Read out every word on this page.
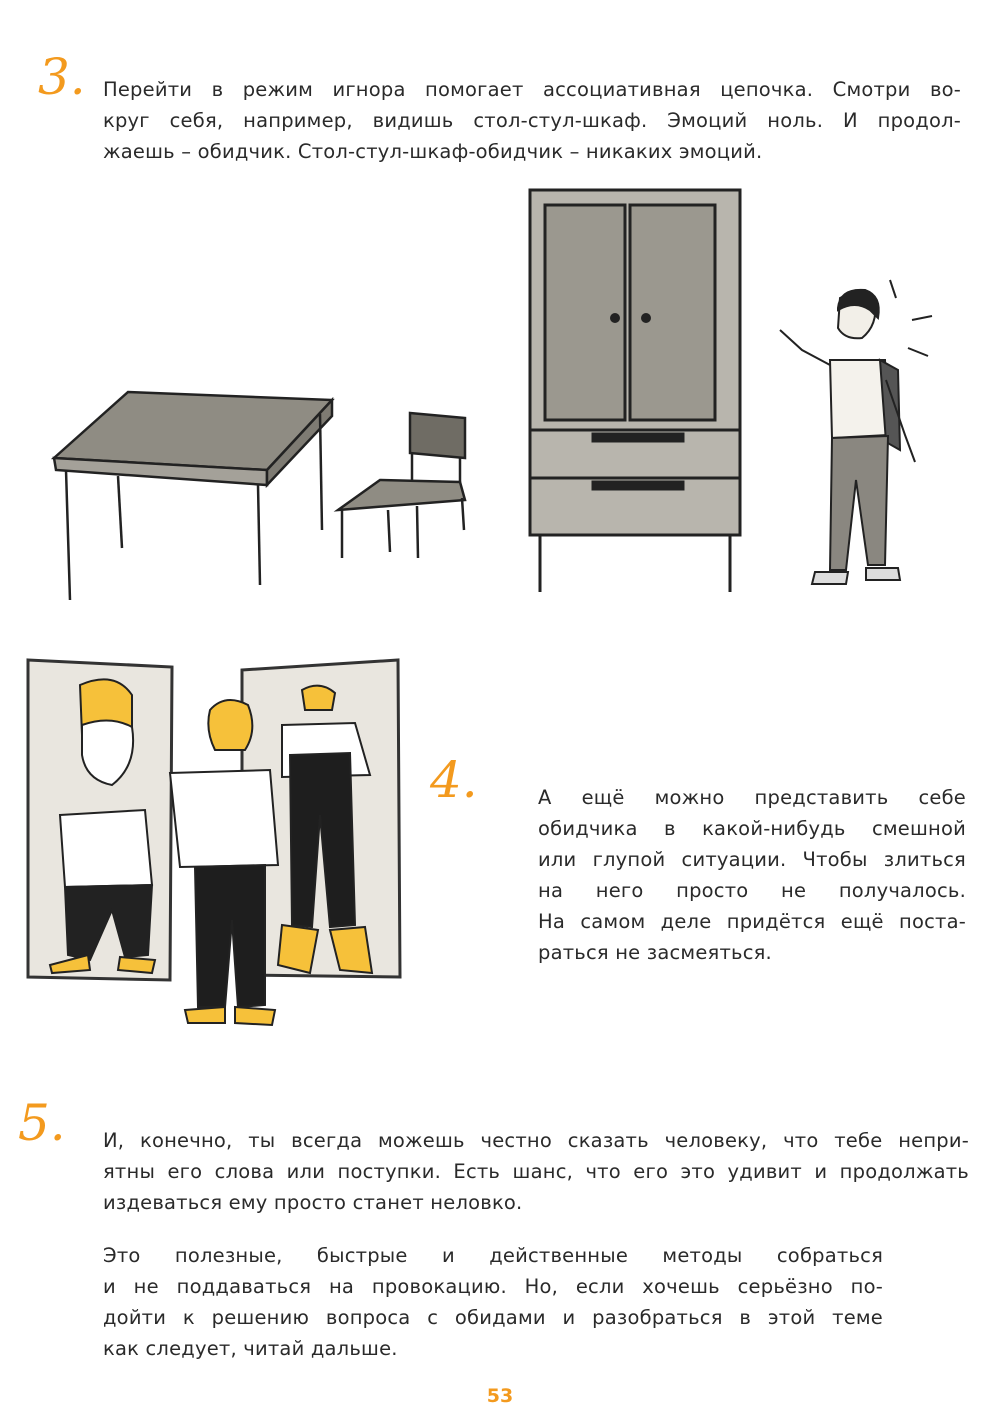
3. Перейти в режим игнора помогает ассоциативная цепочка. Смотри во-
круг себя, например, видишь стол-стул-шкаф. Эмоций ноль. И продол-
жаешь – обидчик. Стол-стул-шкаф-обидчик – никаких эмоций.
4.	А ещё можно представить себе
обидчика в какой-нибудь смешной
или глупой ситуации. Чтобы злиться
на него просто не получалось.
На самом деле придётся ещё поста-
раться не засмеяться.
5. И, конечно, ты всегда можешь честно сказать человеку, что тебе непри-
ятны его слова или поступки. Есть шанс, что его это удивит и продолжать
издеваться ему просто станет неловко.
Это полезные, быстрые и действенные методы собраться
и не поддаваться на провокацию. Но, если хочешь серьёзно по-
дойти к решению вопроса с обидами и разобраться в этой теме
как следует, читай дальше.
53
